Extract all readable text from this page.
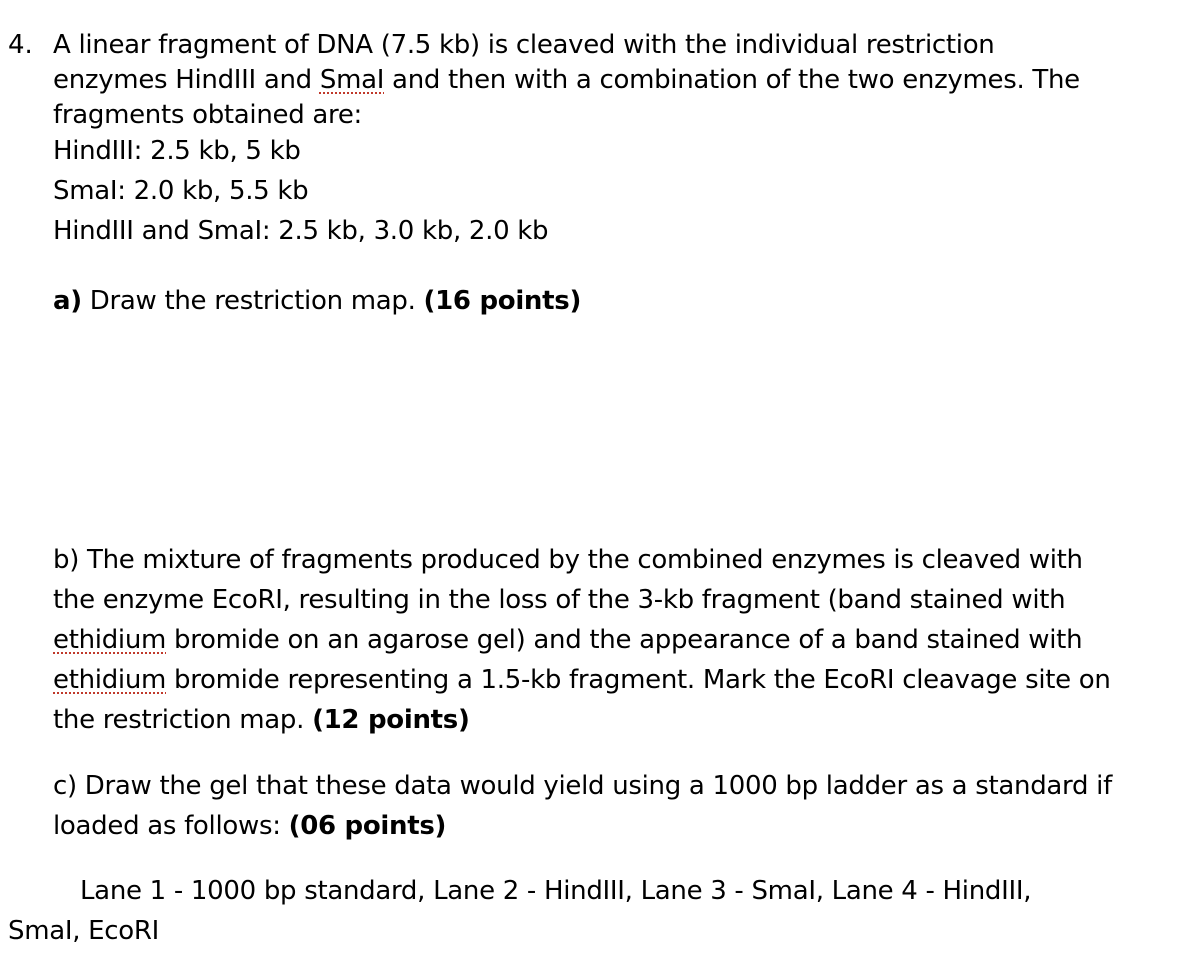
4. A linear fragment of DNA (7.5 kb) is cleaved with the individual restriction
enzymes HindIII and SmaI and then with a combination of the two enzymes. The
fragments obtained are:
HindIII: 2.5 kb, 5 kb
SmaI: 2.0 kb, 5.5 kb
HindIII and SmaI: 2.5 kb, 3.0 kb, 2.0 kb
a) Draw the restriction map. (16 points)
b) The mixture of fragments produced by the combined enzymes is cleaved with
the enzyme EcoRI, resulting in the loss of the 3-kb fragment (band stained with
ethidium bromide on an agarose gel) and the appearance of a band stained with
ethidium bromide representing a 1.5-kb fragment. Mark the EcoRI cleavage site on
the restriction map. (12 points)
c) Draw the gel that these data would yield using a 1000 bp ladder as a standard if
loaded as follows: (06 points)
Lane 1 - 1000 bp standard, Lane 2 - HindIII, Lane 3 - SmaI, Lane 4 - HindIII,
SmaI, EcoRI
